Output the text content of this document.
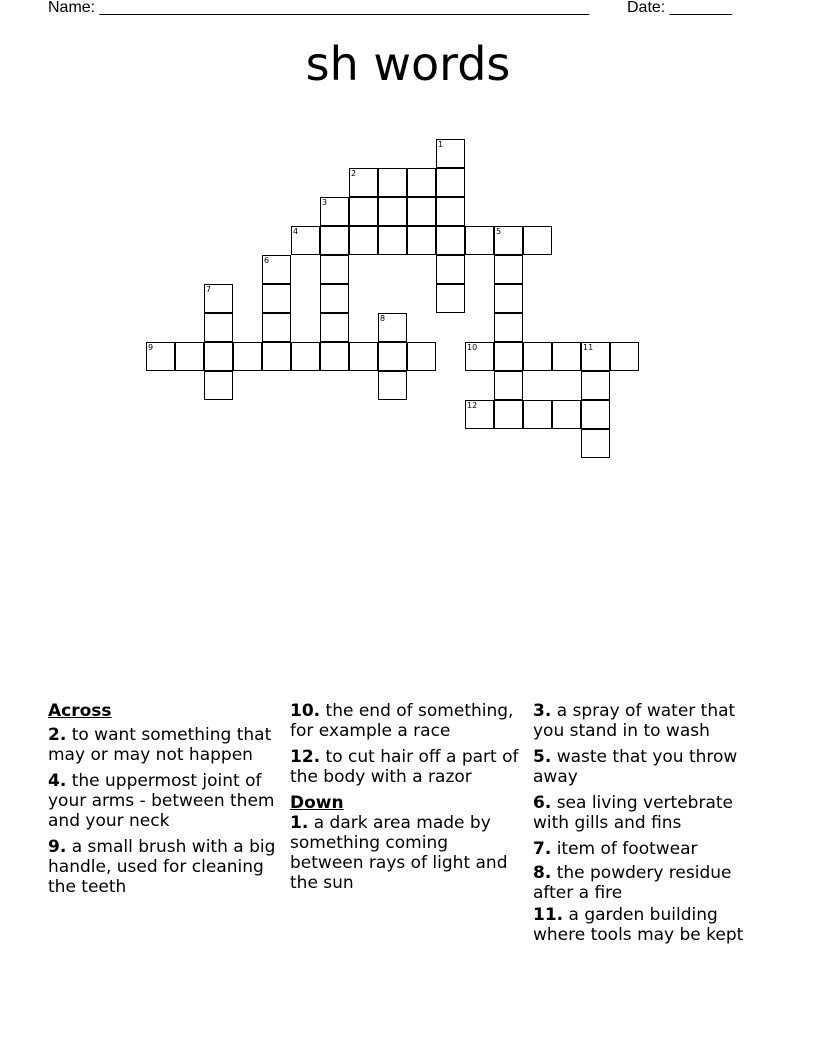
Name: _______________________________________________________ Date: _______
sh words
1
2
3
4	5
6
7
8
9	10	11
12
Across
2. to want something that may or may not happen
4. the uppermost joint of your arms - between them and your neck
9. a small brush with a big handle, used for cleaning the teeth
10. the end of something, for example a race
12. to cut hair off a part of the body with a razor
Down
1. a dark area made by something coming between rays of light and the sun
3. a spray of water that you stand in to wash
5. waste that you throw away
6. sea living vertebrate with gills and fins
7. item of footwear
8. the powdery residue after a fire
11. a garden building where tools may be kept
